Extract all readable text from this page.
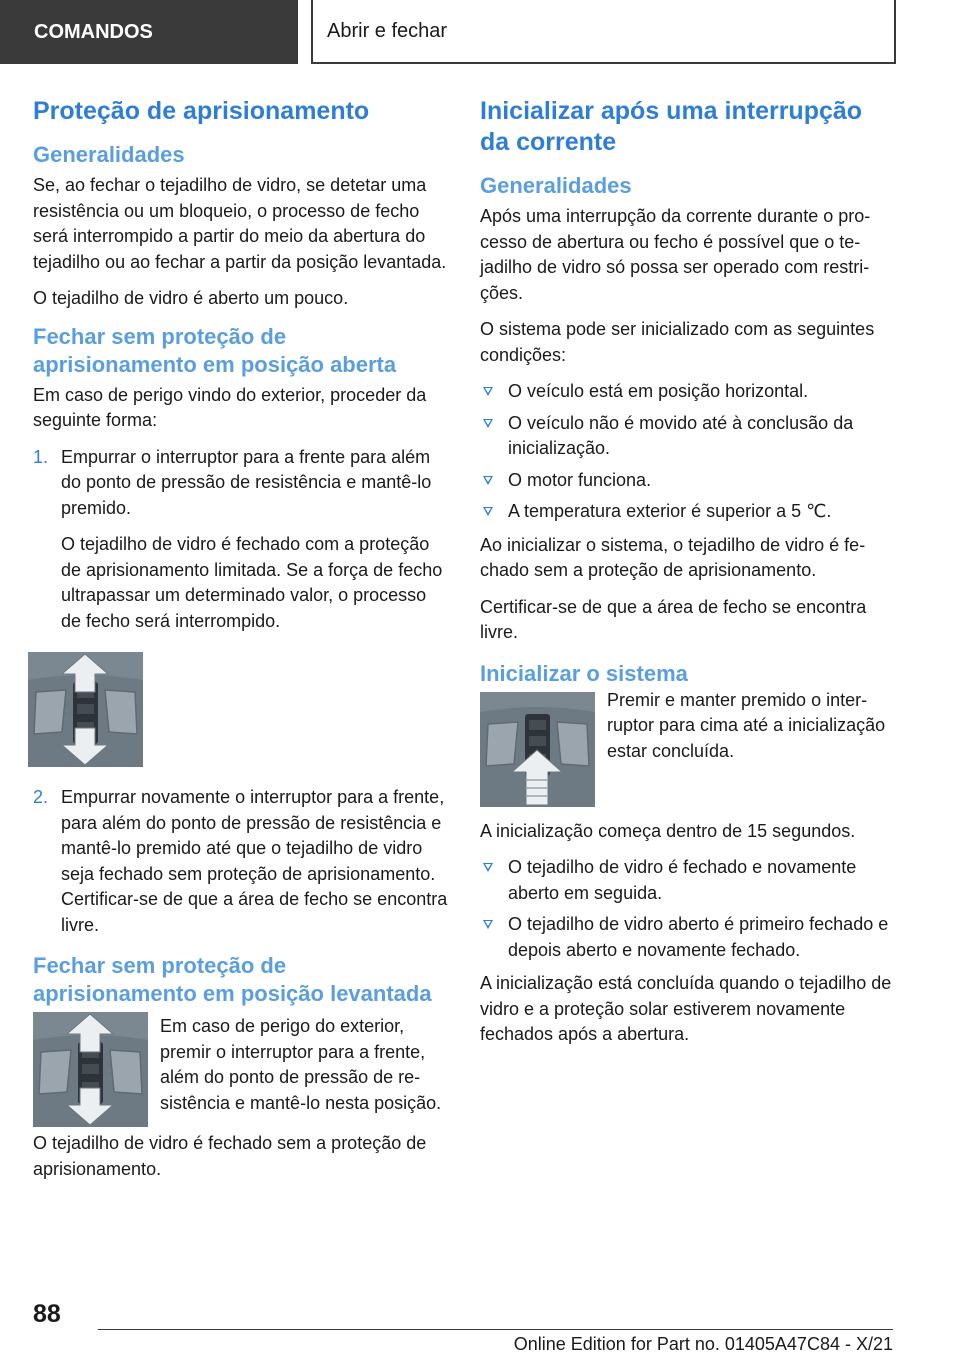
COMANDOS	Abrir e fechar
Proteção de aprisionamento
Generalidades

Se, ao fechar o tejadilho de vidro, se detetar uma resistência ou um bloqueio, o processo de fecho será interrompido a partir do meio da abertura do tejadilho ou ao fechar a partir da posição levantada.

O tejadilho de vidro é aberto um pouco.

Fechar sem proteção de aprisionamento em posição aberta

Em caso de perigo vindo do exterior, proceder da seguinte forma:

1. Empurrar o interruptor para a frente para além do ponto de pressão de resistência e mantê-lo premido.

O tejadilho de vidro é fechado com a proteção de aprisionamento limitada. Se a força de fecho ultrapassar um determinado valor, o processo de fecho será interrompido.

2. Empurrar novamente o interruptor para a frente, para além do ponto de pressão de resistência e mantê-lo premido até que o tejadilho de vidro seja fechado sem proteção de aprisionamento. Certificar-se de que a área de fecho se encontra livre.

Fechar sem proteção de aprisionamento em posição levantada

Em caso de perigo do exterior, premir o interruptor para a frente, além do ponto de pressão de resistência e mantê-lo nesta posição.

O tejadilho de vidro é fechado sem a proteção de aprisionamento.

Inicializar após uma interrupção da corrente
Generalidades

Após uma interrupção da corrente durante o processo de abertura ou fecho é possível que o tejadilho de vidro só possa ser operado com restrições.

O sistema pode ser inicializado com as seguintes condições:

O veículo está em posição horizontal.

O veículo não é movido até à conclusão da inicialização.

O motor funciona.

A temperatura exterior é superior a 5 ℃.

Ao inicializar o sistema, o tejadilho de vidro é fechado sem a proteção de aprisionamento.

Certificar-se de que a área de fecho se encontra livre.

Inicializar o sistema

Premir e manter premido o interruptor para cima até a inicialização estar concluída.

A inicialização começa dentro de 15 segundos.

O tejadilho de vidro é fechado e novamente aberto em seguida.

O tejadilho de vidro aberto é primeiro fechado e depois aberto e novamente fechado.

A inicialização está concluída quando o tejadilho de vidro e a proteção solar estiverem novamente fechados após a abertura.

88
Online Edition for Part no. 01405A47C84 - X/21
